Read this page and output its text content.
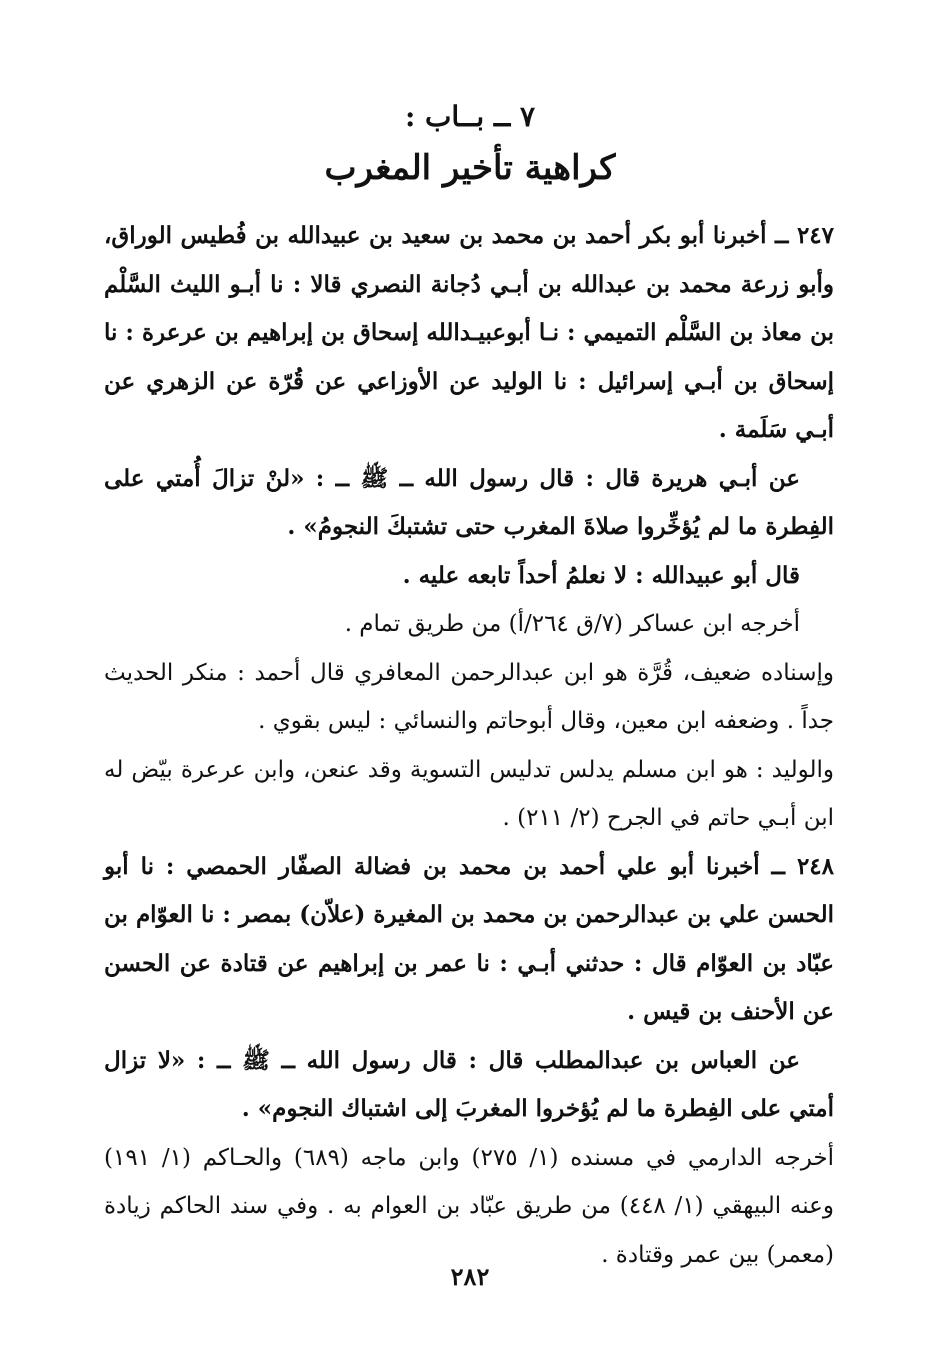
٧ ــ بــاب :
كراهية تأخير المغرب

٢٤٧ ــ أخبرنا أبو بكر أحمد بن محمد بن سعيد بن عبيدالله بن فُطيس الوراق، وأبو زرعة محمد بن عبدالله بن أبـي دُجانة النصري قالا : نا أبـو الليث السَّلْم بن معاذ بن السَّلْم التميمي : نـا أبوعبيـدالله إسحاق بن إبراهيم بن عرعرة : نا إسحاق بن أبـي إسرائيل : نا الوليد عن الأوزاعي عن قُرّة عن الزهري عن أبـي سَلَمة .

عن أبـي هريرة قال : قال رسول الله ــ ﷺ ــ : «لنْ تزالَ أُمتي على الفِطرة ما لم يُؤخِّروا صلاةَ المغرب حتى تشتبكَ النجومُ» .

قال أبو عبيدالله : لا نعلمُ أحداً تابعه عليه .

أخرجه ابن عساكر (٧/ق ٢٦٤/أ) من طريق تمام .

وإسناده ضعيف، قُرَّة هو ابن عبدالرحمن المعافري قال أحمد : منكر الحديث جداً . وضعفه ابن معين، وقال أبوحاتم والنسائي : ليس بقوي .

والوليد : هو ابن مسلم يدلس تدليس التسوية وقد عنعن، وابن عرعرة بيّض له ابن أبـي حاتم في الجرح (٢/ ٢١١) .

٢٤٨ ــ أخبرنا أبو علي أحمد بن محمد بن فضالة الصفّار الحمصي : نا أبو الحسن علي بن عبدالرحمن بن محمد بن المغيرة (علاّن) بمصر : نا العوّام بن عبّاد بن العوّام قال : حدثني أبـي : نا عمر بن إبراهيم عن قتادة عن الحسن عن الأحنف بن قيس .

عن العباس بن عبدالمطلب قال : قال رسول الله ــ ﷺ ــ : «لا تزال أمتي على الفِطرة ما لم يُؤخروا المغربَ إلى اشتباك النجوم» .

أخرجه الدارمي في مسنده (١/ ٢٧٥) وابن ماجه (٦٨٩) والحـاكم (١/ ١٩١) وعنه البيهقي (١/ ٤٤٨) من طريق عبّاد بن العوام به . وفي سند الحاكم زيادة (معمر) بين عمر وقتادة .

٢٨٢
